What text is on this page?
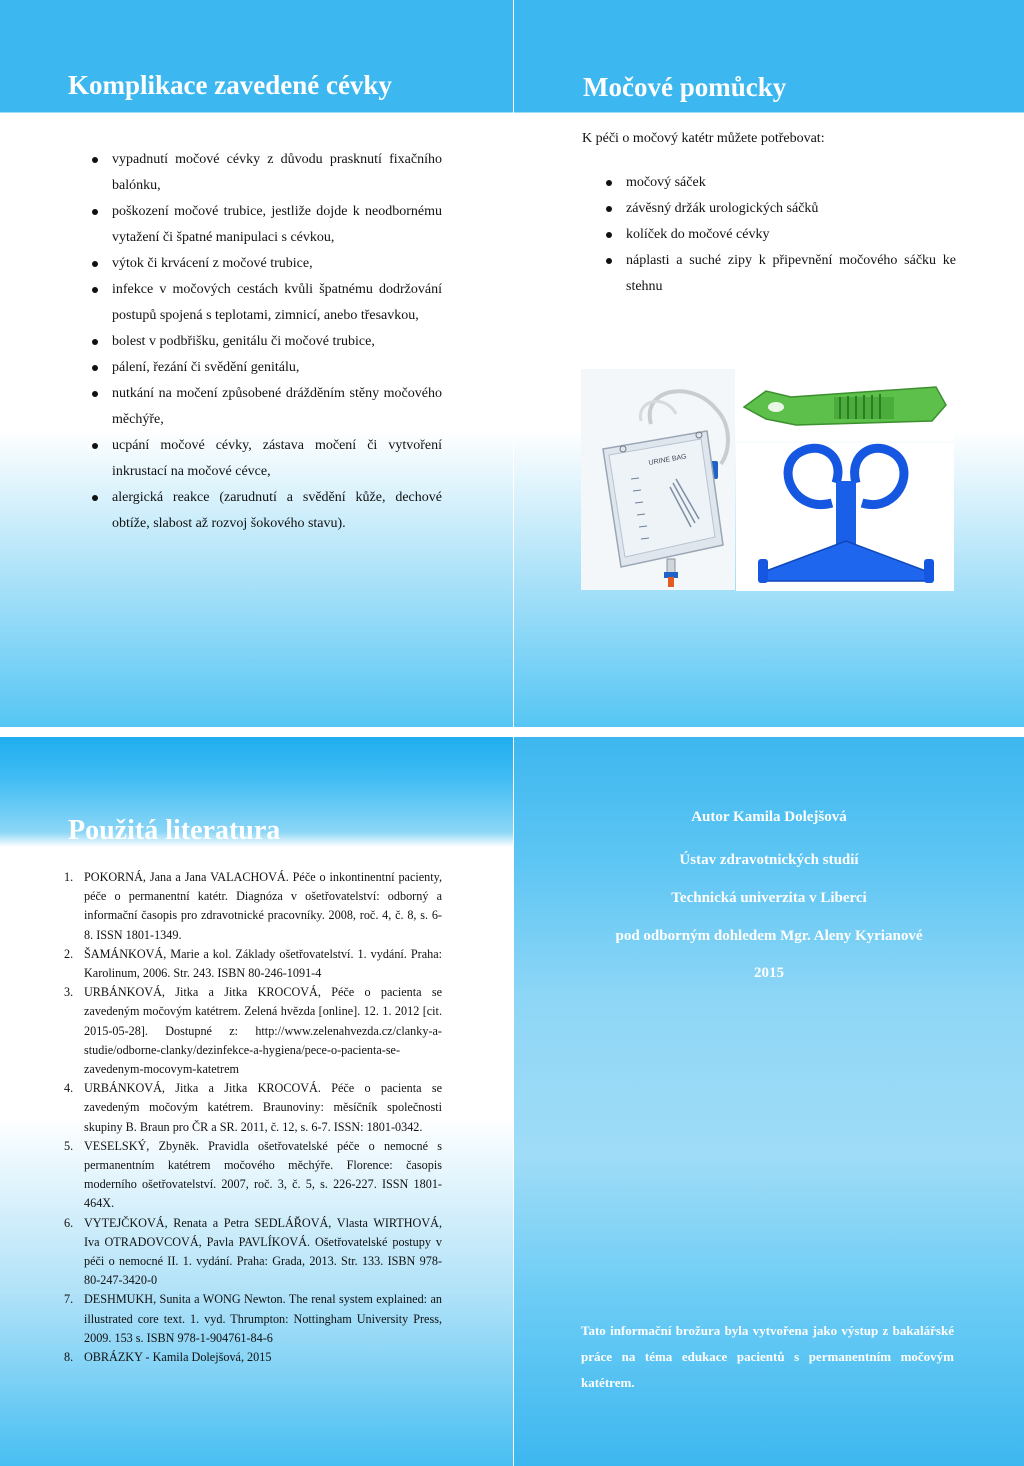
Komplikace zavedené cévky
vypadnutí močové cévky z důvodu prasknutí fixačního balónku,
poškození močové trubice, jestliže dojde k neodbornému vytažení či špatné manipulaci s cévkou,
výtok či krvácení z močové trubice,
infekce v močových cestách kvůli špatnému dodržování postupů spojená s teplotami, zimnicí, anebo třesavkou,
bolest v podbřišku, genitálu či močové trubice,
pálení, řezání či svědění genitálu,
nutkání na močení způsobené drážděním stěny močového měchýře,
ucpání močové cévky, zástava močení či vytvoření inkrustací na močové cévce,
alergická reakce (zarudnutí a svědění kůže, dechové obtíže, slabost až rozvoj šokového stavu).
Močové pomůcky

K péči o močový katétr můžete potřebovat:

močový sáček
závěsný držák urologických sáčků
kolíček do močové cévky
náplasti a suché zipy k připevnění močového sáčku ke stehnu
URINE BAG
Použitá literatura
1. POKORNÁ, Jana a Jana VALACHOVÁ. Péče o inkontinentní pacienty, péče o permanentní katétr. Diagnóza v ošetřovatelství: odborný a informační časopis pro zdravotnické pracovníky. 2008, roč. 4, č. 8, s. 6-8. ISSN 1801-1349.
2. ŠAMÁNKOVÁ, Marie a kol. Základy ošetřovatelství. 1. vydání. Praha: Karolinum, 2006. Str. 243. ISBN 80-246-1091-4
3. URBÁNKOVÁ, Jitka a Jitka KROCOVÁ, Péče o pacienta se zavedeným močovým katétrem. Zelená hvězda [online]. 12. 1. 2012 [cit. 2015-05-28]. Dostupné z: http://www.zelenahvezda.cz/clanky-a-studie/odborne-clanky/dezinfekce-a-hygiena/pece-o-pacienta-se-zavedenym-mocovym-katetrem
4. URBÁNKOVÁ, Jitka a Jitka KROCOVÁ. Péče o pacienta se zavedeným močovým katétrem. Braunoviny: měsíčník společnosti skupiny B. Braun pro ČR a SR. 2011, č. 12, s. 6-7. ISSN: 1801-0342.
5. VESELSKÝ, Zbyněk. Pravidla ošetřovatelské péče o nemocné s permanentním katétrem močového měchýře. Florence: časopis moderního ošetřovatelství. 2007, roč. 3, č. 5, s. 226-227. ISSN 1801-464X.
6. VYTEJČKOVÁ, Renata a Petra SEDLÁŘOVÁ, Vlasta WIRTHOVÁ, Iva OTRADOVCOVÁ, Pavla PAVLÍKOVÁ. Ošetřovatelské postupy v péči o nemocné II. 1. vydání. Praha: Grada, 2013. Str. 133. ISBN 978-80-247-3420-0
7. DESHMUKH, Sunita a WONG Newton. The renal system explained: an illustrated core text. 1. vyd. Thrumpton: Nottingham University Press, 2009. 153 s. ISBN 978-1-904761-84-6
8. OBRÁZKY - Kamila Dolejšová, 2015
Autor Kamila Dolejšová
Ústav zdravotnických studií
Technická univerzita v Liberci
pod odborným dohledem Mgr. Aleny Kyrianové
2015

Tato informační brožura byla vytvořena jako výstup z bakalářské práce na téma edukace pacientů s permanentním močovým katétrem.
